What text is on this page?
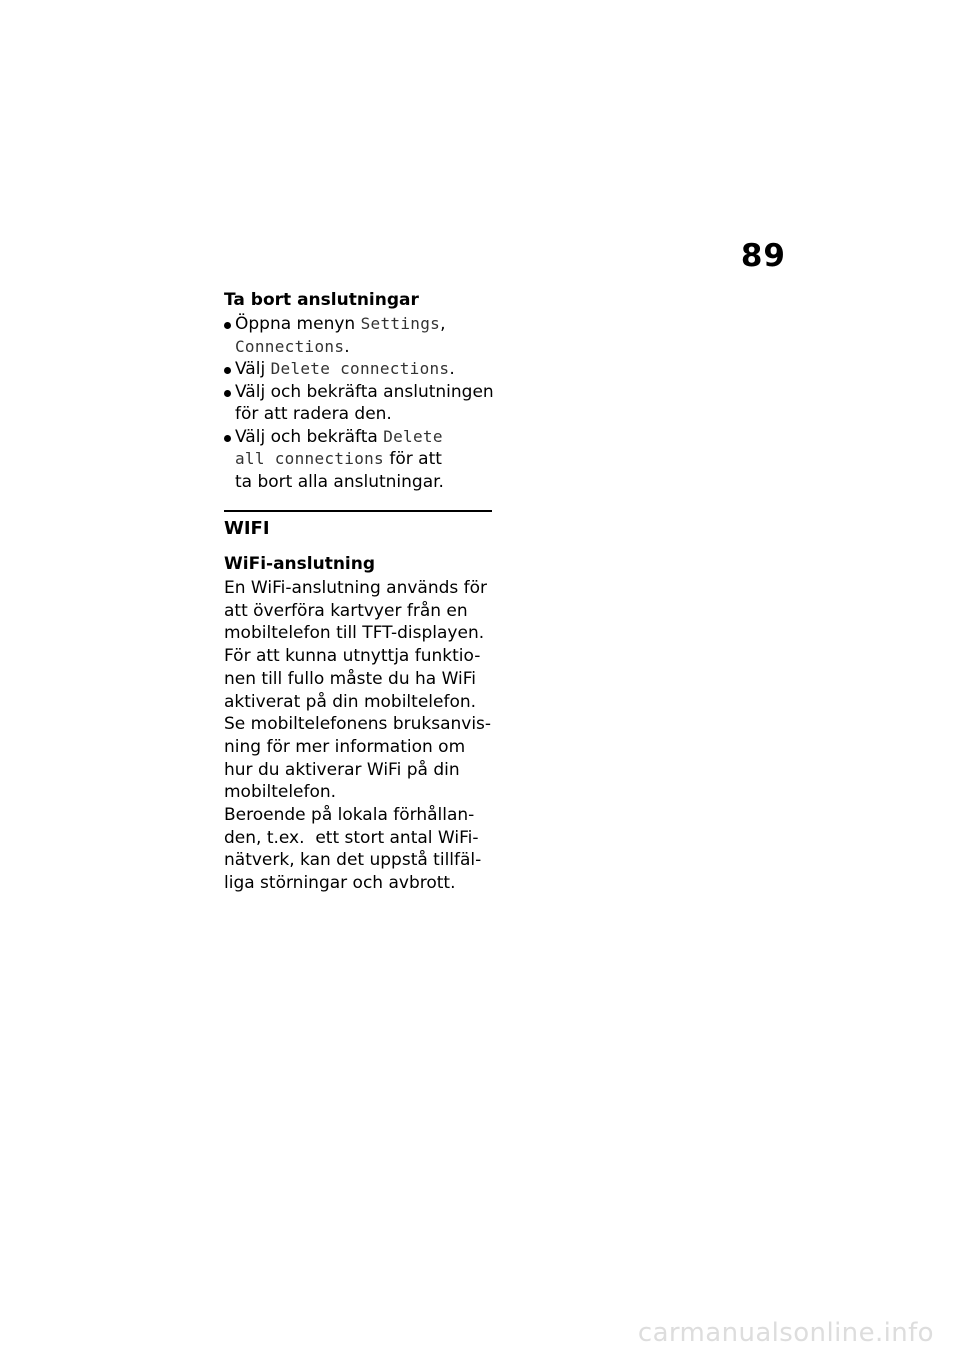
89
Ta bort anslutningar
Öppna menyn Settings,
Connections.
Välj Delete connections.
Välj och bekräfta anslutningen
för att radera den.
Välj och bekräfta Delete
all connections för att
ta bort alla anslutningar.
WIFI
WiFi-anslutning

En WiFi-anslutning används för
att överföra kartvyer från en
mobiltelefon till TFT-displayen.
För att kunna utnyttja funktio-
nen till fullo måste du ha WiFi
aktiverat på din mobiltelefon.
Se mobiltelefonens bruksanvis-
ning för mer information om
hur du aktiverar WiFi på din
mobiltelefon.

Beroende på lokala förhållan-
den, t.ex.  ett stort antal WiFi-
nätverk, kan det uppstå tillfäl-
liga störningar och avbrott.

carmanualsonline.info
